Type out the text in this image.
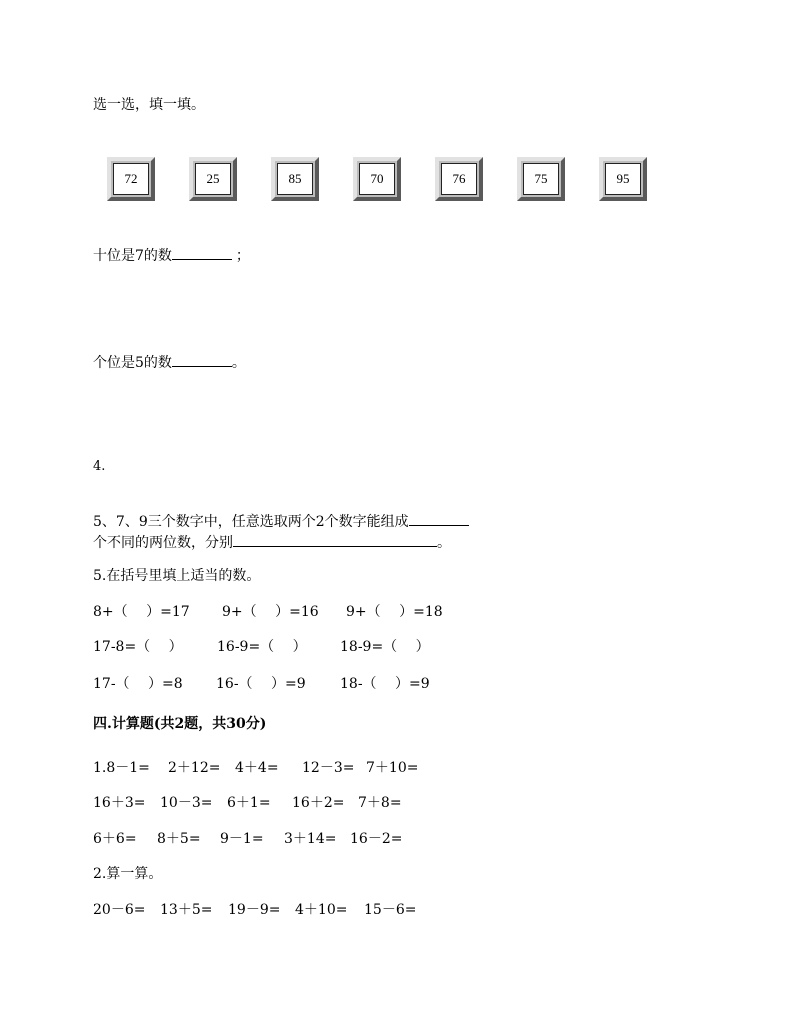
选一选，填一填。
72	25	85	70	76	75	95
十位是7的数	；
个位是5的数	。
4.
5、7、9三个数字中，任意选取两个2个数字能组成
个不同的两位数，分别	。
5.在括号里填上适当的数。
8+（　 ）=17 9+（　 ）=16 9+（　 ）=18
17-8=（　 ） 16-9=（　 ） 18-9=（　 ）
17-（　 ）=8 16-（　 ）=9 18-（　 ）=9
四.计算题(共2题，共30分)
1.8－1= 2＋12= 4＋4= 12－3= 7＋10=
16＋3= 10－3= 6＋1= 16＋2= 7＋8=
6＋6= 8＋5= 9－1= 3＋14= 16－2=
2.算一算。
20－6= 13＋5= 19－9= 4＋10= 15－6=
